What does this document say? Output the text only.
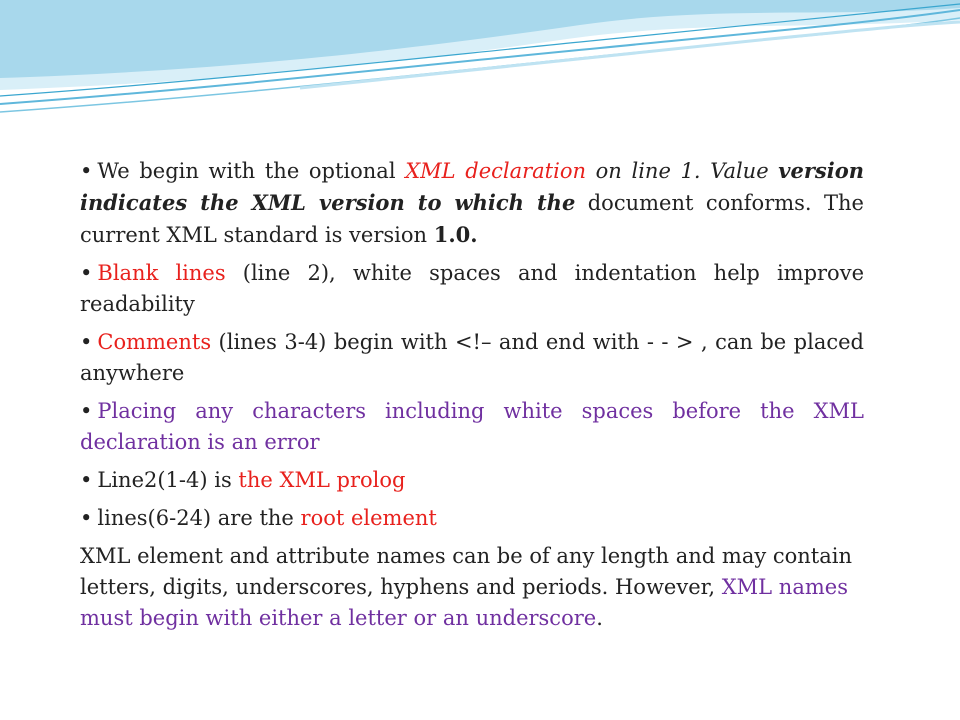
• We begin with the optional XML declaration on line 1. Value version indicates the XML version to which the document conforms. The current XML standard is version 1.0.

• Blank lines (line 2), white spaces and indentation help improve readability

• Comments (lines 3-4) begin with <!– and end with - - > , can be placed anywhere

• Placing any characters including white spaces before the XML declaration is an error

• Line2(1-4) is the XML prolog

• lines(6-24) are the root element

XML element and attribute names can be of any length and may contain letters, digits, underscores, hyphens and periods. However, XML names must begin with either a letter or an underscore.
